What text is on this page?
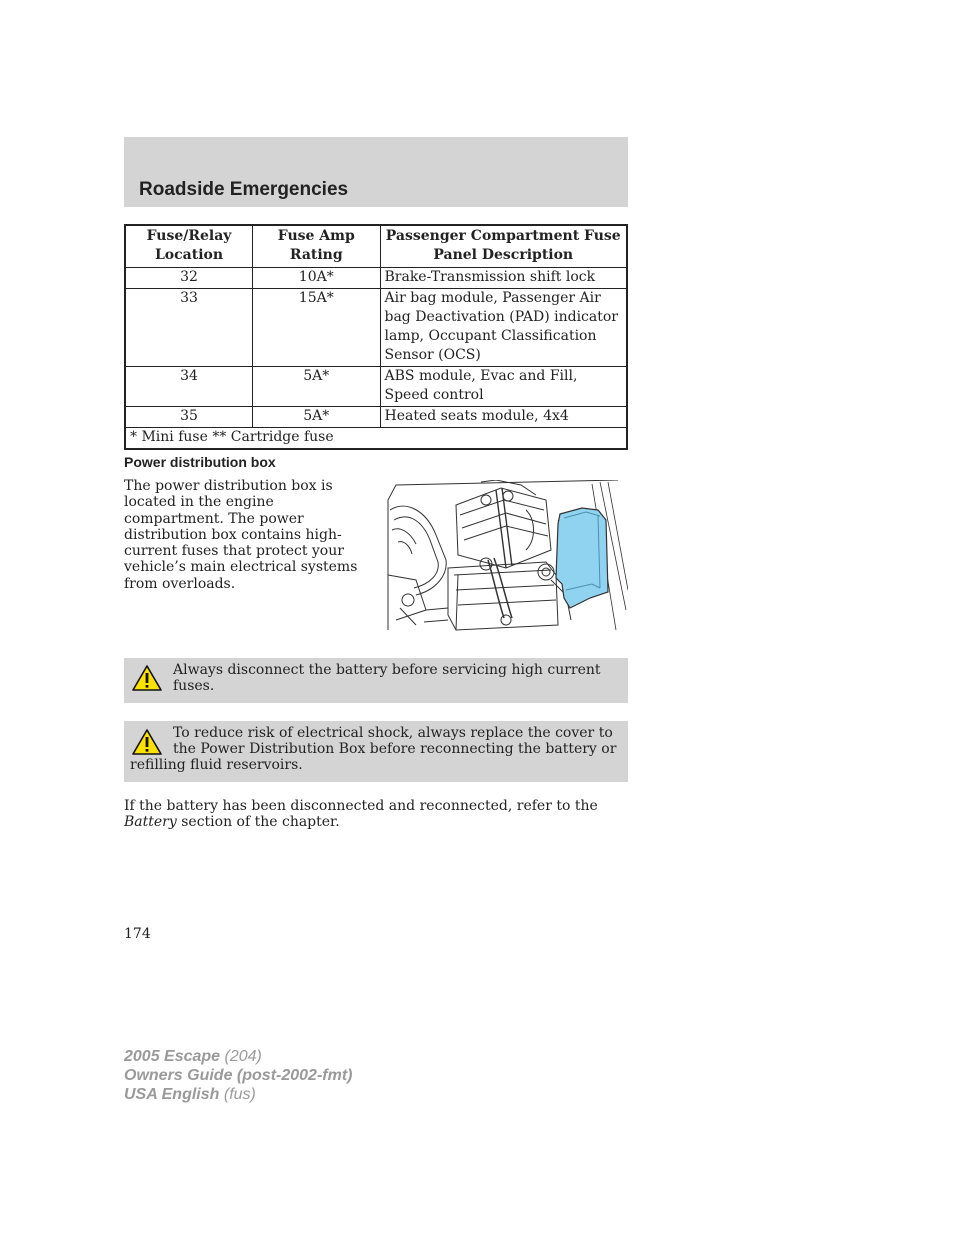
Roadside Emergencies
Fuse/Relay Location	Fuse Amp Rating	Passenger Compartment Fuse Panel Description
32	10A*	Brake-Transmission shift lock
33	15A*	Air bag module, Passenger Air bag Deactivation (PAD) indicator lamp, Occupant Classification Sensor (OCS)
34	5A*	ABS module, Evac and Fill, Speed control
35	5A*	Heated seats module, 4x4
* Mini fuse ** Cartridge fuse		
Power distribution box

The power distribution box is located in the engine compartment. The power distribution box contains high-current fuses that protect your vehicle’s main electrical systems from overloads.

Always disconnect the battery before servicing high current fuses.

To reduce risk of electrical shock, always replace the cover to the Power Distribution Box before reconnecting the battery or refilling fluid reservoirs.

If the battery has been disconnected and reconnected, refer to the Battery section of the chapter.

174

2005 Escape (204)
Owners Guide (post-2002-fmt)
USA English (fus)
